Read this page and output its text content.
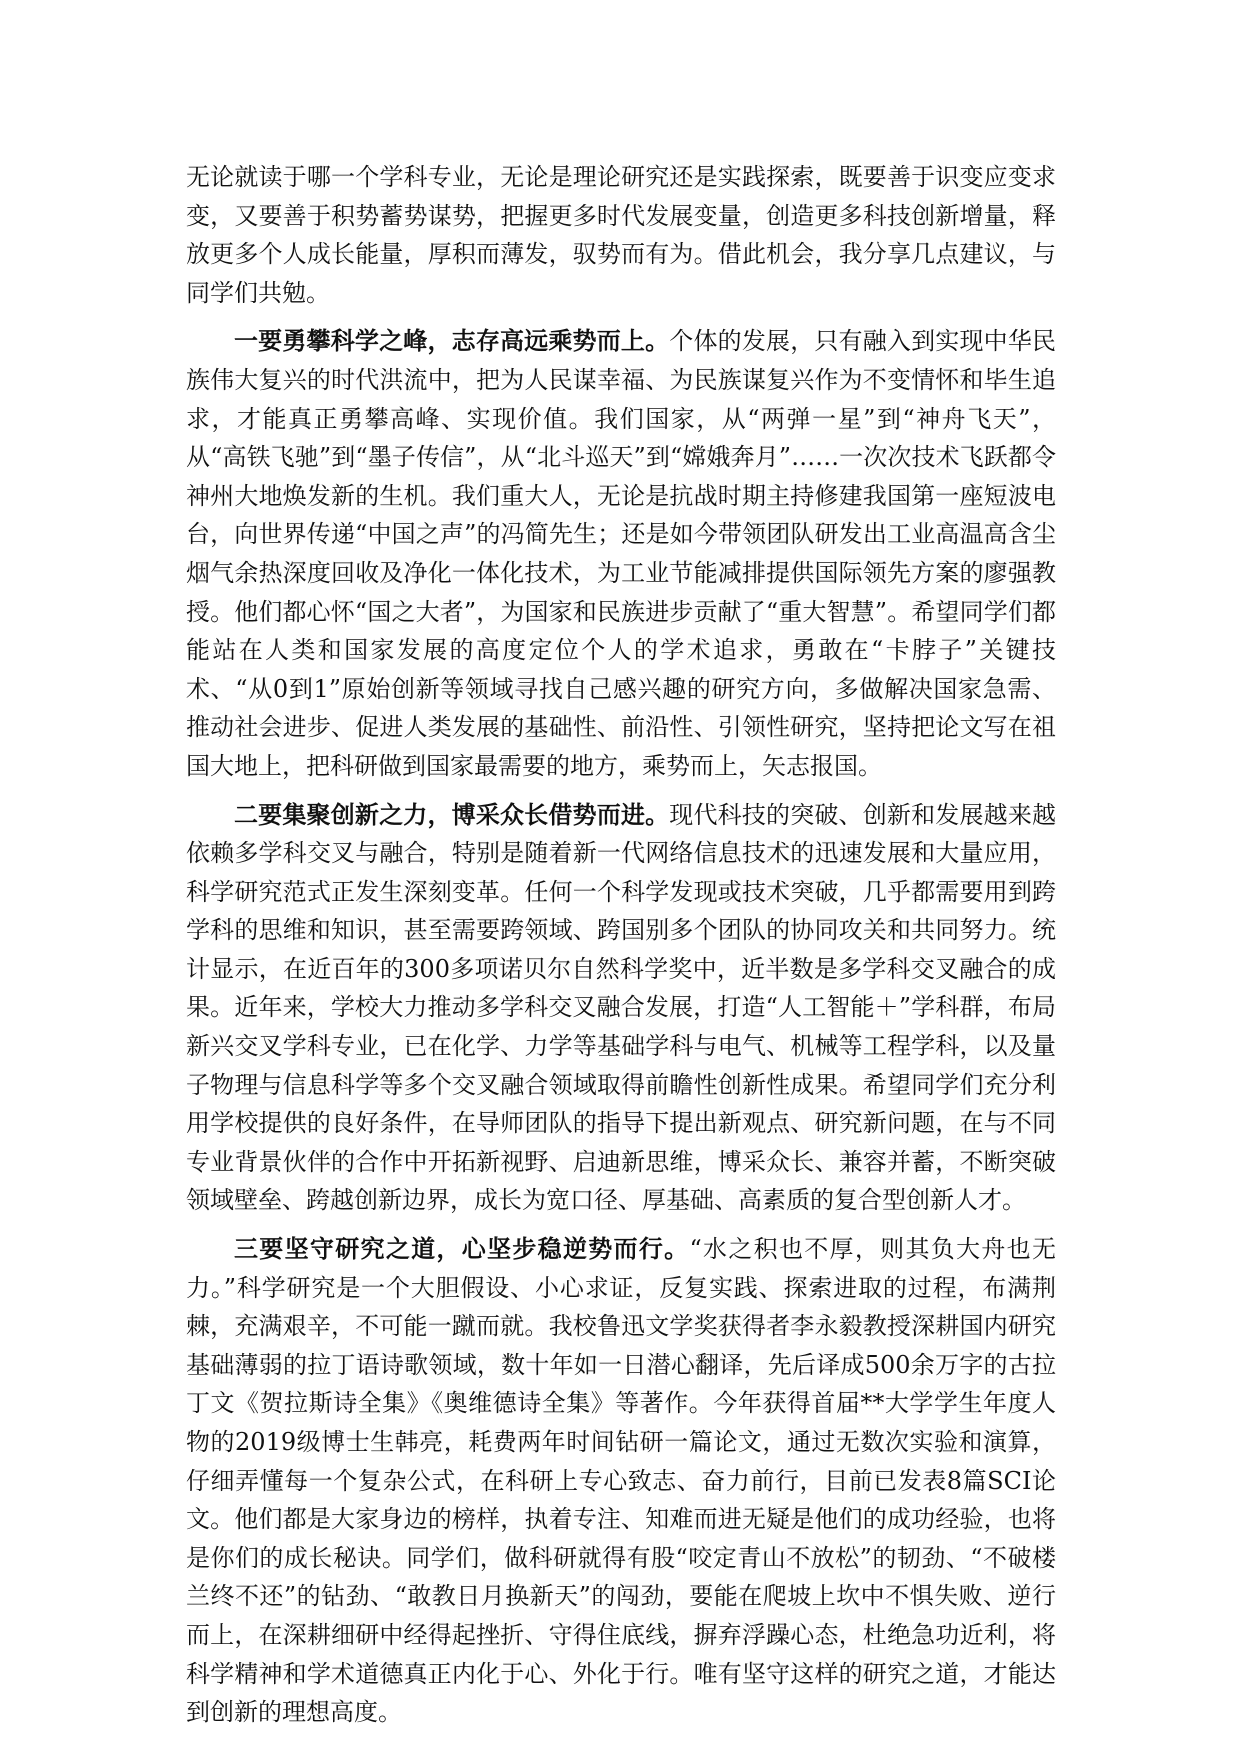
无论就读于哪一个学科专业，无论是理论研究还是实践探索，既要善于识变应变求变，又要善于积势蓄势谋势，把握更多时代发展变量，创造更多科技创新增量，释放更多个人成长能量，厚积而薄发，驭势而有为。借此机会，我分享几点建议，与同学们共勉。

一要勇攀科学之峰，志存高远乘势而上。个体的发展，只有融入到实现中华民族伟大复兴的时代洪流中，把为人民谋幸福、为民族谋复兴作为不变情怀和毕生追求，才能真正勇攀高峰、实现价值。我们国家，从“两弹一星”到“神舟飞天”，从“高铁飞驰”到“墨子传信”，从“北斗巡天”到“嫦娥奔月”……一次次技术飞跃都令神州大地焕发新的生机。我们重大人，无论是抗战时期主持修建我国第一座短波电台，向世界传递“中国之声”的冯简先生；还是如今带领团队研发出工业高温高含尘烟气余热深度回收及净化一体化技术，为工业节能减排提供国际领先方案的廖强教授。他们都心怀“国之大者”，为国家和民族进步贡献了“重大智慧”。希望同学们都能站在人类和国家发展的高度定位个人的学术追求，勇敢在“卡脖子”关键技术、“从0到1”原始创新等领域寻找自己感兴趣的研究方向，多做解决国家急需、推动社会进步、促进人类发展的基础性、前沿性、引领性研究，坚持把论文写在祖国大地上，把科研做到国家最需要的地方，乘势而上，矢志报国。

二要集聚创新之力，博采众长借势而进。现代科技的突破、创新和发展越来越依赖多学科交叉与融合，特别是随着新一代网络信息技术的迅速发展和大量应用，科学研究范式正发生深刻变革。任何一个科学发现或技术突破，几乎都需要用到跨学科的思维和知识，甚至需要跨领域、跨国别多个团队的协同攻关和共同努力。统计显示，在近百年的300多项诺贝尔自然科学奖中，近半数是多学科交叉融合的成果。近年来，学校大力推动多学科交叉融合发展，打造“人工智能＋”学科群，布局新兴交叉学科专业，已在化学、力学等基础学科与电气、机械等工程学科，以及量子物理与信息科学等多个交叉融合领域取得前瞻性创新性成果。希望同学们充分利用学校提供的良好条件，在导师团队的指导下提出新观点、研究新问题，在与不同专业背景伙伴的合作中开拓新视野、启迪新思维，博采众长、兼容并蓄，不断突破领域壁垒、跨越创新边界，成长为宽口径、厚基础、高素质的复合型创新人才。

三要坚守研究之道，心坚步稳逆势而行。“水之积也不厚，则其负大舟也无力。”科学研究是一个大胆假设、小心求证，反复实践、探索进取的过程，布满荆棘，充满艰辛，不可能一蹴而就。我校鲁迅文学奖获得者李永毅教授深耕国内研究基础薄弱的拉丁语诗歌领域，数十年如一日潜心翻译，先后译成500余万字的古拉丁文《贺拉斯诗全集》《奥维德诗全集》等著作。今年获得首届**大学学生年度人物的2019级博士生韩亮，耗费两年时间钻研一篇论文，通过无数次实验和演算，仔细弄懂每一个复杂公式，在科研上专心致志、奋力前行，目前已发表8篇SCI论文。他们都是大家身边的榜样，执着专注、知难而进无疑是他们的成功经验，也将是你们的成长秘诀。同学们，做科研就得有股“咬定青山不放松”的韧劲、“不破楼兰终不还”的钻劲、“敢教日月换新天”的闯劲，要能在爬坡上坎中不惧失败、逆行而上，在深耕细研中经得起挫折、守得住底线，摒弃浮躁心态，杜绝急功近利，将科学精神和学术道德真正内化于心、外化于行。唯有坚守这样的研究之道，才能达到创新的理想高度。
